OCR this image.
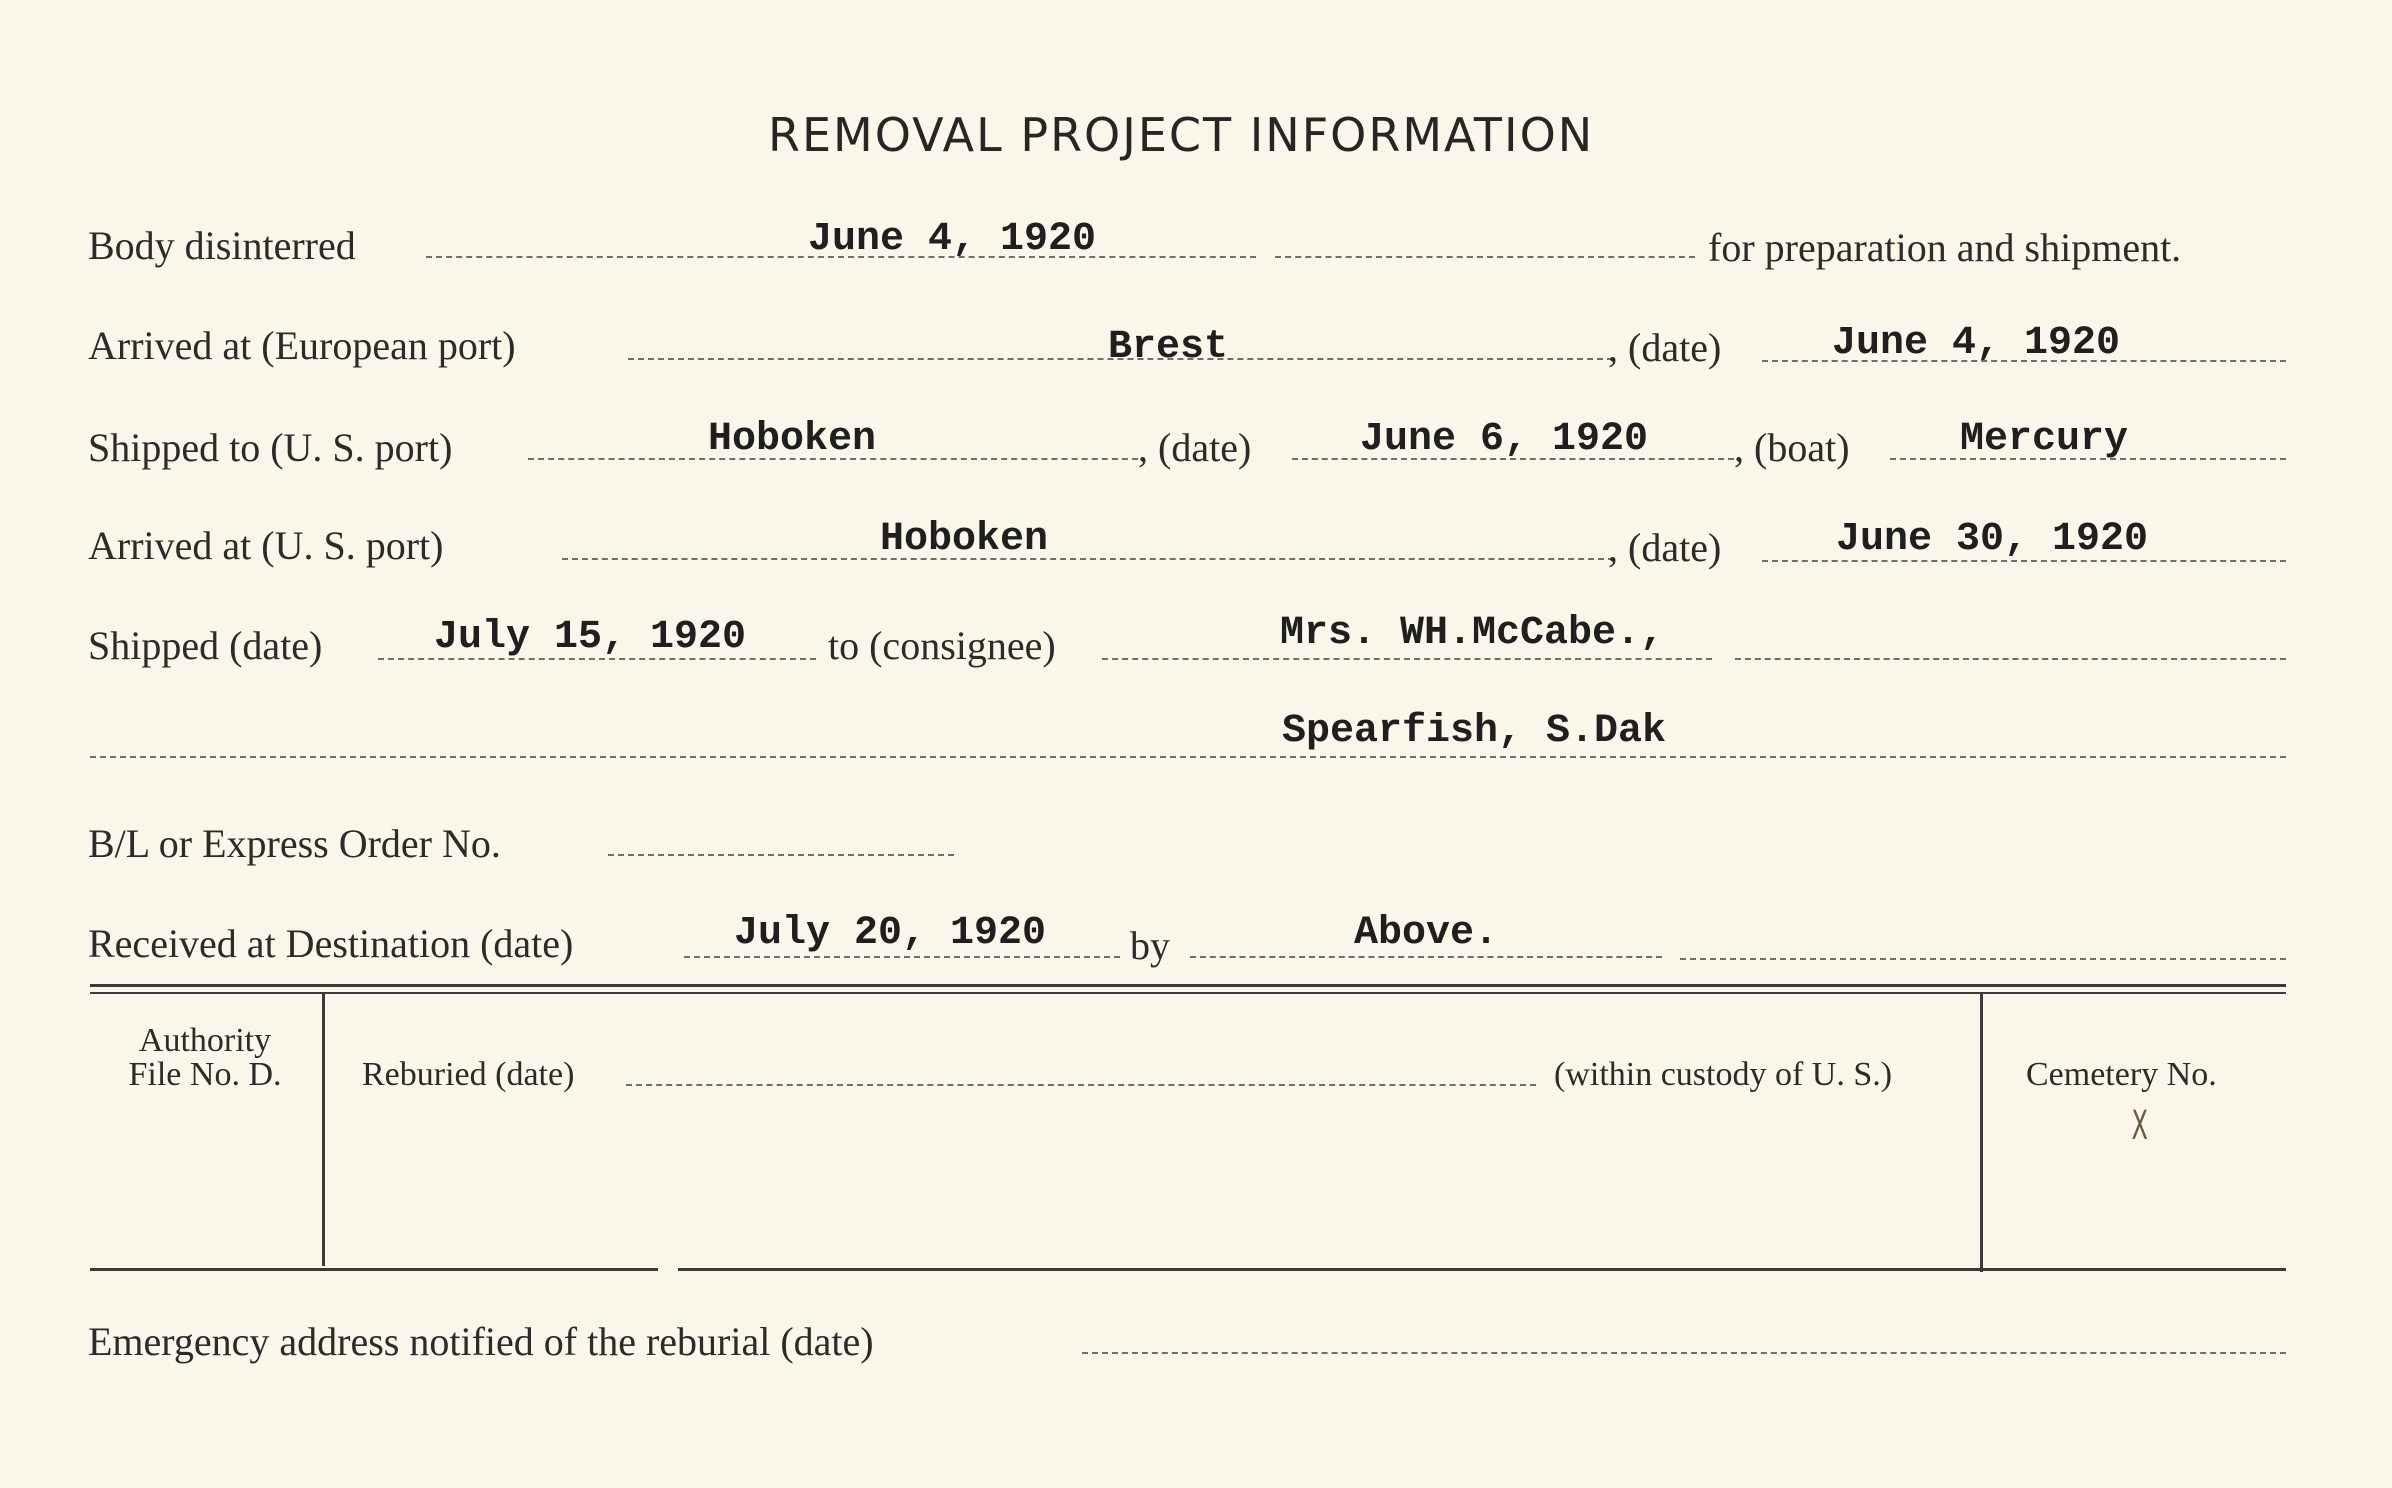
REMOVAL PROJECT INFORMATION
Body disinterred	June 4, 1920	for preparation and shipment.
Arrived at (European port)	Brest	, (date)	June 4, 1920
Shipped to (U. S. port)	Hoboken	, (date)	June 6, 1920 , (boat)	Mercury
Arrived at (U. S. port)	Hoboken	, (date)	June 30, 1920
Shipped (date)	July 15, 1920 to (consignee)	Mrs. WH.McCabe.,
Spearfish, S.Dak
B/L or Express Order No.
Received at Destination (date)	July 20, 1920 by	Above.
Authority
File No. D.	Reburied (date)	(within custody of U. S.)	Cemetery No.
X
Emergency address notified of the reburial (date)
